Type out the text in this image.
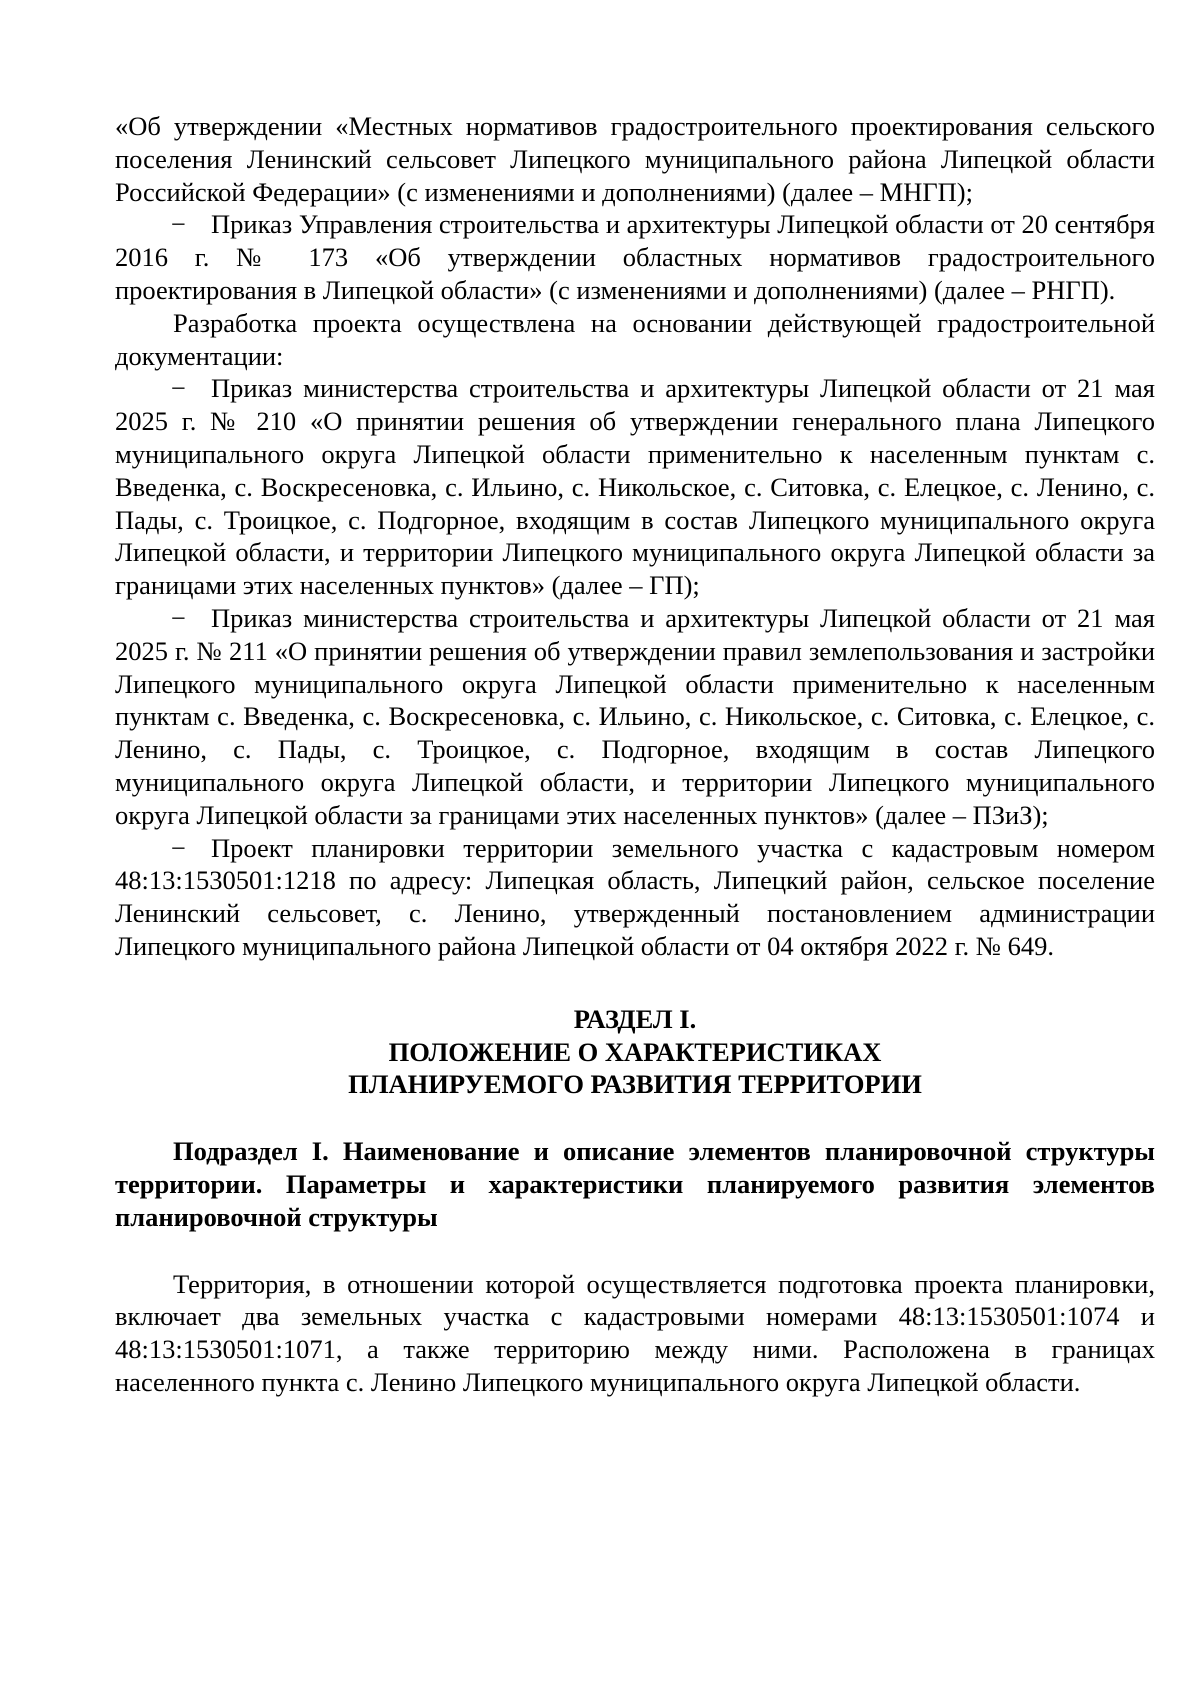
«Об утверждении «Местных нормативов градостроительного проектирования сельского поселения Ленинский сельсовет Липецкого муниципального района Липецкой области Российской Федерации» (с изменениями и дополнениями) (далее – МНГП);

− Приказ Управления строительства и архитектуры Липецкой области от 20 сентября 2016 г. № 173 «Об утверждении областных нормативов градостроительного проектирования в Липецкой области» (с изменениями и дополнениями) (далее – РНГП).

Разработка проекта осуществлена на основании действующей градостроительной документации:

− Приказ министерства строительства и архитектуры Липецкой области от 21 мая 2025 г. № 210 «О принятии решения об утверждении генерального плана Липецкого муниципального округа Липецкой области применительно к населенным пунктам с. Введенка, с. Воскресеновка, с. Ильино, с. Никольское, с. Ситовка, с. Елецкое, с. Ленино, с. Пады, с. Троицкое, с. Подгорное, входящим в состав Липецкого муниципального округа Липецкой области, и территории Липецкого муниципального округа Липецкой области за границами этих населенных пунктов» (далее – ГП);

− Приказ министерства строительства и архитектуры Липецкой области от 21 мая 2025 г. № 211 «О принятии решения об утверждении правил землепользования и застройки Липецкого муниципального округа Липецкой области применительно к населенным пунктам с. Введенка, с. Воскресеновка, с. Ильино, с. Никольское, с. Ситовка, с. Елецкое, с. Ленино, с. Пады, с. Троицкое, с. Подгорное, входящим в состав Липецкого муниципального округа Липецкой области, и территории Липецкого муниципального округа Липецкой области за границами этих населенных пунктов» (далее – ПЗиЗ);

− Проект планировки территории земельного участка с кадастровым номером 48:13:1530501:1218 по адресу: Липецкая область, Липецкий район, сельское поселение Ленинский сельсовет, с. Ленино, утвержденный постановлением администрации Липецкого муниципального района Липецкой области от 04 октября 2022 г. № 649.

РАЗДЕЛ I.
ПОЛОЖЕНИЕ О ХАРАКТЕРИСТИКАХ
ПЛАНИРУЕМОГО РАЗВИТИЯ ТЕРРИТОРИИ

Подраздел I. Наименование и описание элементов планировочной структуры территории. Параметры и характеристики планируемого развития элементов планировочной структуры

Территория, в отношении которой осуществляется подготовка проекта планировки, включает два земельных участка с кадастровыми номерами 48:13:1530501:1074 и 48:13:1530501:1071, а также территорию между ними. Расположена в границах населенного пункта с. Ленино Липецкого муниципального округа Липецкой области.
